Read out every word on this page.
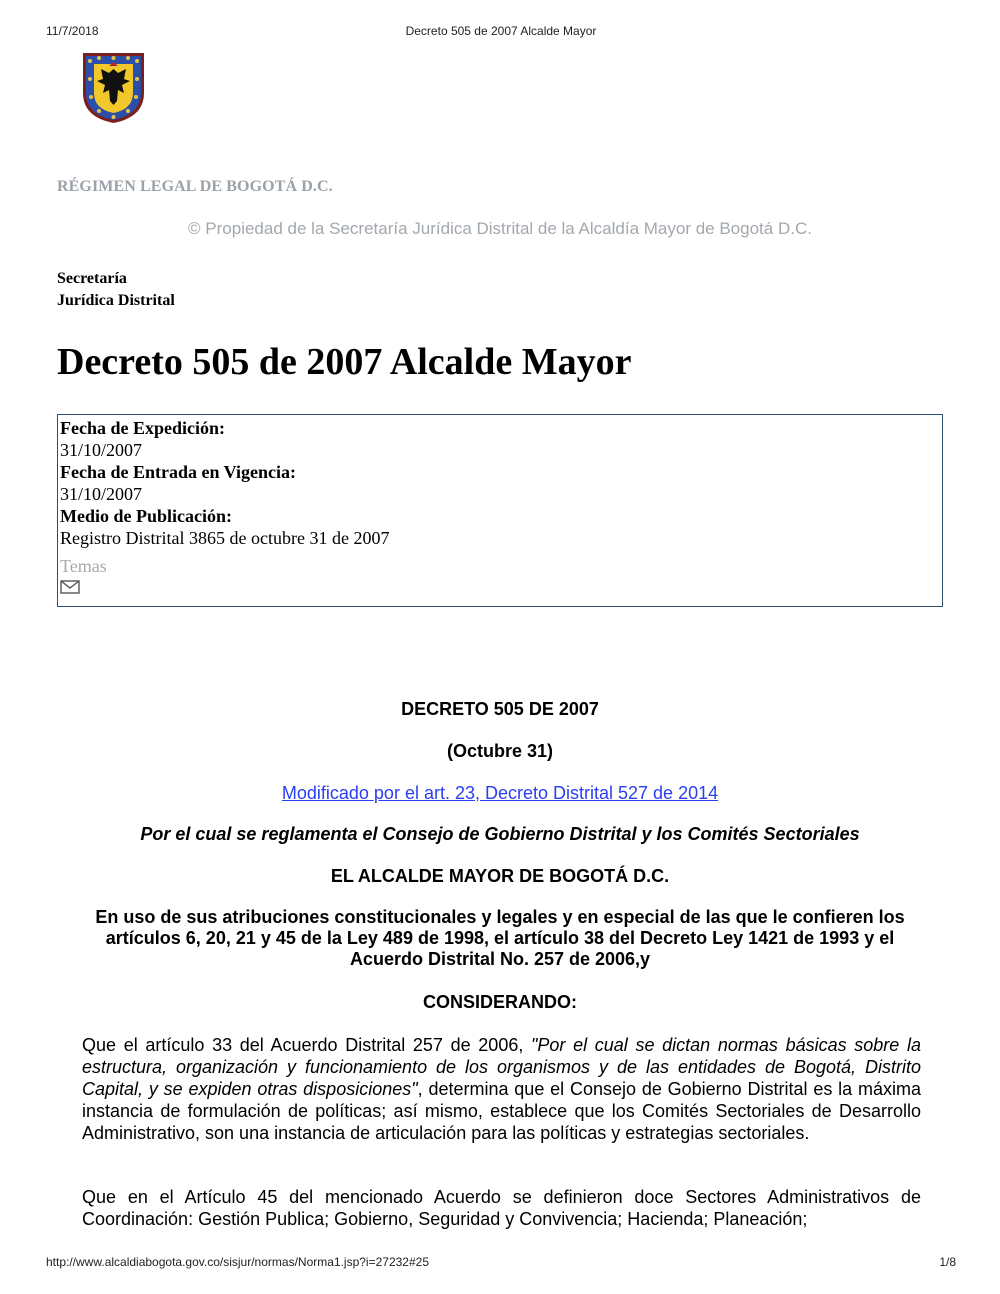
11/7/2018	Decreto 505 de 2007 Alcalde Mayor
RÉGIMEN LEGAL DE BOGOTÁ D.C.
© Propiedad de la Secretaría Jurídica Distrital de la Alcaldía Mayor de Bogotá D.C.
Secretaría
Jurídica Distrital
Decreto 505 de 2007 Alcalde Mayor
Fecha de Expedición:
31/10/2007
Fecha de Entrada en Vigencia:
31/10/2007
Medio de Publicación:
Registro Distrital 3865 de octubre 31 de 2007
Temas
DECRETO 505 DE 2007
(Octubre 31)
Modificado por el art. 23, Decreto Distrital 527 de 2014
Por el cual se reglamenta el Consejo de Gobierno Distrital y los Comités Sectoriales
EL ALCALDE MAYOR DE BOGOTÁ D.C.
En uso de sus atribuciones constitucionales y legales y en especial de las que le confieren los artículos 6, 20, 21 y 45 de la Ley 489 de 1998, el artículo 38 del Decreto Ley 1421 de 1993 y el Acuerdo Distrital No. 257 de 2006,y
CONSIDERANDO:
Que el artículo 33 del Acuerdo Distrital 257 de 2006, "Por el cual se dictan normas básicas sobre la estructura, organización y funcionamiento de los organismos y de las entidades de Bogotá, Distrito Capital, y se expiden otras disposiciones", determina que el Consejo de Gobierno Distrital es la máxima instancia de formulación de políticas; así mismo, establece que los Comités Sectoriales de Desarrollo Administrativo, son una instancia de articulación para las políticas y estrategias sectoriales.
Que en el Artículo 45 del mencionado Acuerdo se definieron doce Sectores Administrativos de Coordinación: Gestión Publica; Gobierno, Seguridad y Convivencia; Hacienda; Planeación;
http://www.alcaldiabogota.gov.co/sisjur/normas/Norma1.jsp?i=27232#25	1/8
